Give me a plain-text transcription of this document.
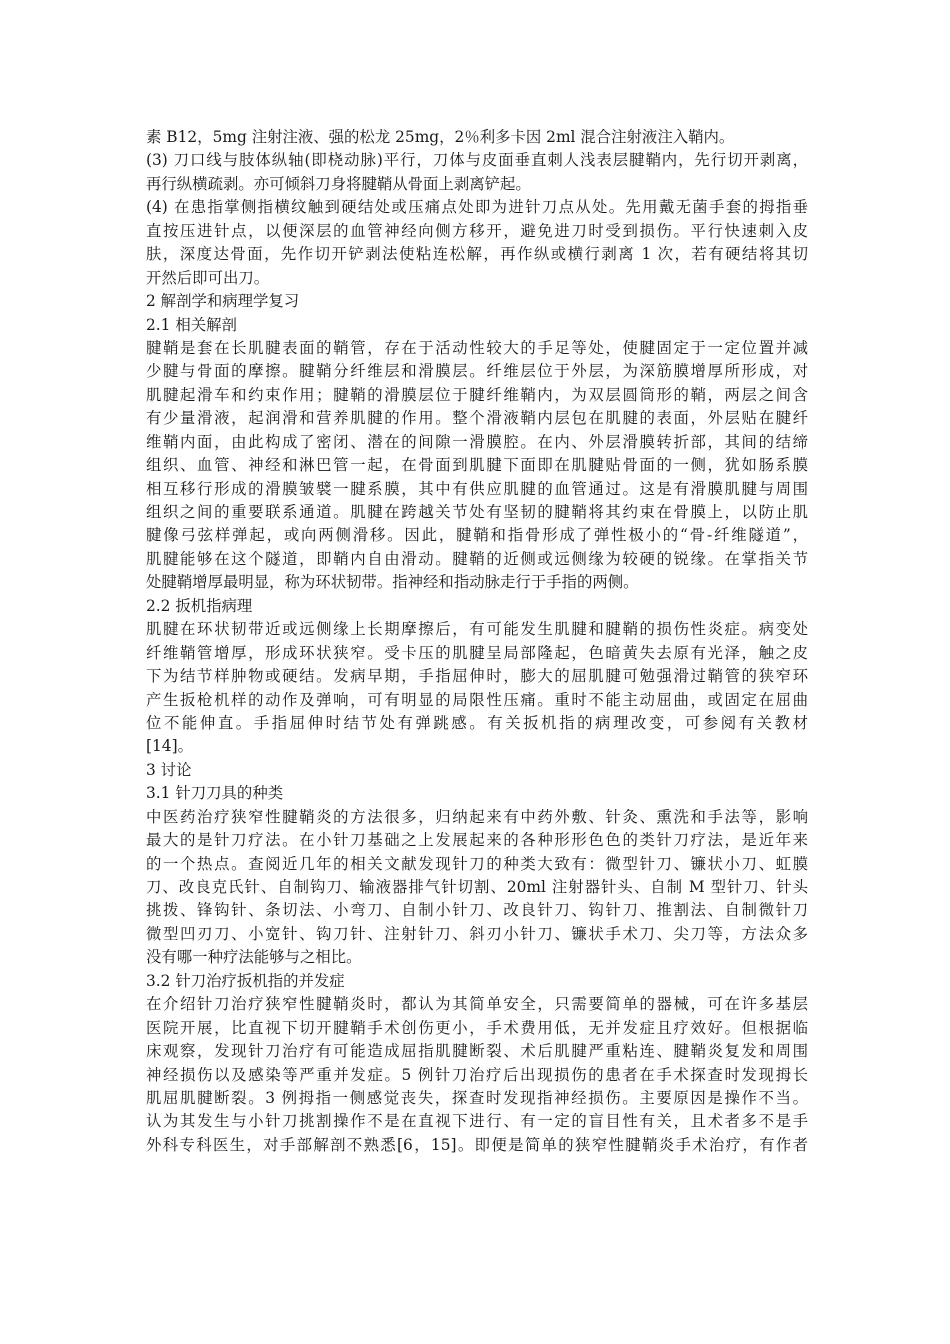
素 B12，5mg 注射注液、强的松龙 25mg，2％利多卡因 2ml 混合注射液注入鞘内。
(3) 刀口线与肢体纵轴(即桡动脉)平行，刀体与皮面垂直刺人浅表层腱鞘内，先行切开剥离，
再行纵横疏剥。亦可倾斜刀身将腱鞘从骨面上剥离铲起。
(4) 在患指掌侧指横纹触到硬结处或压痛点处即为进针刀点从处。先用戴无菌手套的拇指垂
直按压进针点，以便深层的血管神经向侧方移开，避免进刀时受到损伤。平行快速刺入皮
肤，深度达骨面，先作切开铲剥法使粘连松解，再作纵或横行剥离 1 次，若有硬结将其切
开然后即可出刀。
2 解剖学和病理学复习
2.1 相关解剖
腱鞘是套在长肌腱表面的鞘管，存在于活动性较大的手足等处，使腱固定于一定位置并减
少腱与骨面的摩擦。腱鞘分纤维层和滑膜层。纤维层位于外层，为深筋膜增厚所形成，对
肌腱起滑车和约束作用；腱鞘的滑膜层位于腱纤维鞘内，为双层圆筒形的鞘，两层之间含
有少量滑液，起润滑和营养肌腱的作用。整个滑液鞘内层包在肌腱的表面，外层贴在腱纤
维鞘内面，由此构成了密闭、潜在的间隙一滑膜腔。在内、外层滑膜转折部，其间的结缔
组织、血管、神经和淋巴管一起，在骨面到肌腱下面即在肌腱贴骨面的一侧，犹如肠系膜
相互移行形成的滑膜皱襞一腱系膜，其中有供应肌腱的血管通过。这是有滑膜肌腱与周围
组织之间的重要联系通道。肌腱在跨越关节处有坚韧的腱鞘将其约束在骨膜上，以防止肌
腱像弓弦样弹起，或向两侧滑移。因此，腱鞘和指骨形成了弹性极小的“骨-纤维隧道”，
肌腱能够在这个隧道，即鞘内自由滑动。腱鞘的近侧或远侧缘为较硬的锐缘。在掌指关节
处腱鞘增厚最明显，称为环状韧带。指神经和指动脉走行于手指的两侧。
2.2 扳机指病理
肌腱在环状韧带近或远侧缘上长期摩擦后，有可能发生肌腱和腱鞘的损伤性炎症。病变处
纤维鞘管增厚，形成环状狭窄。受卡压的肌腱呈局部隆起，色暗黄失去原有光泽，触之皮
下为结节样肿物或硬结。发病早期，手指屈伸时，膨大的屈肌腱可勉强滑过鞘管的狭窄环
产生扳枪机样的动作及弹响，可有明显的局限性压痛。重时不能主动屈曲，或固定在屈曲
位不能伸直。手指屈伸时结节处有弹跳感。有关扳机指的病理改变，可参阅有关教材
[14]。
3 讨论
3.1 针刀刀具的种类
中医药治疗狭窄性腱鞘炎的方法很多，归纳起来有中药外敷、针灸、熏洗和手法等，影响
最大的是针刀疗法。在小针刀基础之上发展起来的各种形形色色的类针刀疗法，是近年来
的一个热点。查阅近几年的相关文献发现针刀的种类大致有：微型针刀、镰状小刀、虹膜
刀、改良克氏针、自制钩刀、输液器排气针切割、20ml 注射器针头、自制 M 型针刀、针头
挑拨、锋钩针、条切法、小弯刀、自制小针刀、改良针刀、钩针刀、推割法、自制微针刀
微型凹刃刀、小宽针、钩刀针、注射针刀、斜刃小针刀、镰状手术刀、尖刀等，方法众多
没有哪一种疗法能够与之相比。
3.2 针刀治疗扳机指的并发症
在介绍针刀治疗狭窄性腱鞘炎时，都认为其简单安全，只需要简单的器械，可在许多基层
医院开展，比直视下切开腱鞘手术创伤更小，手术费用低，无并发症且疗效好。但根据临
床观察，发现针刀治疗有可能造成屈指肌腱断裂、术后肌腱严重粘连、腱鞘炎复发和周围
神经损伤以及感染等严重并发症。5 例针刀治疗后出现损伤的患者在手术探查时发现拇长
肌屈肌腱断裂。3 例拇指一侧感觉丧失，探查时发现指神经损伤。主要原因是操作不当。
认为其发生与小针刀挑割操作不是在直视下进行、有一定的盲目性有关，且术者多不是手
外科专科医生，对手部解剖不熟悉[6，15]。即便是简单的狭窄性腱鞘炎手术治疗，有作者
